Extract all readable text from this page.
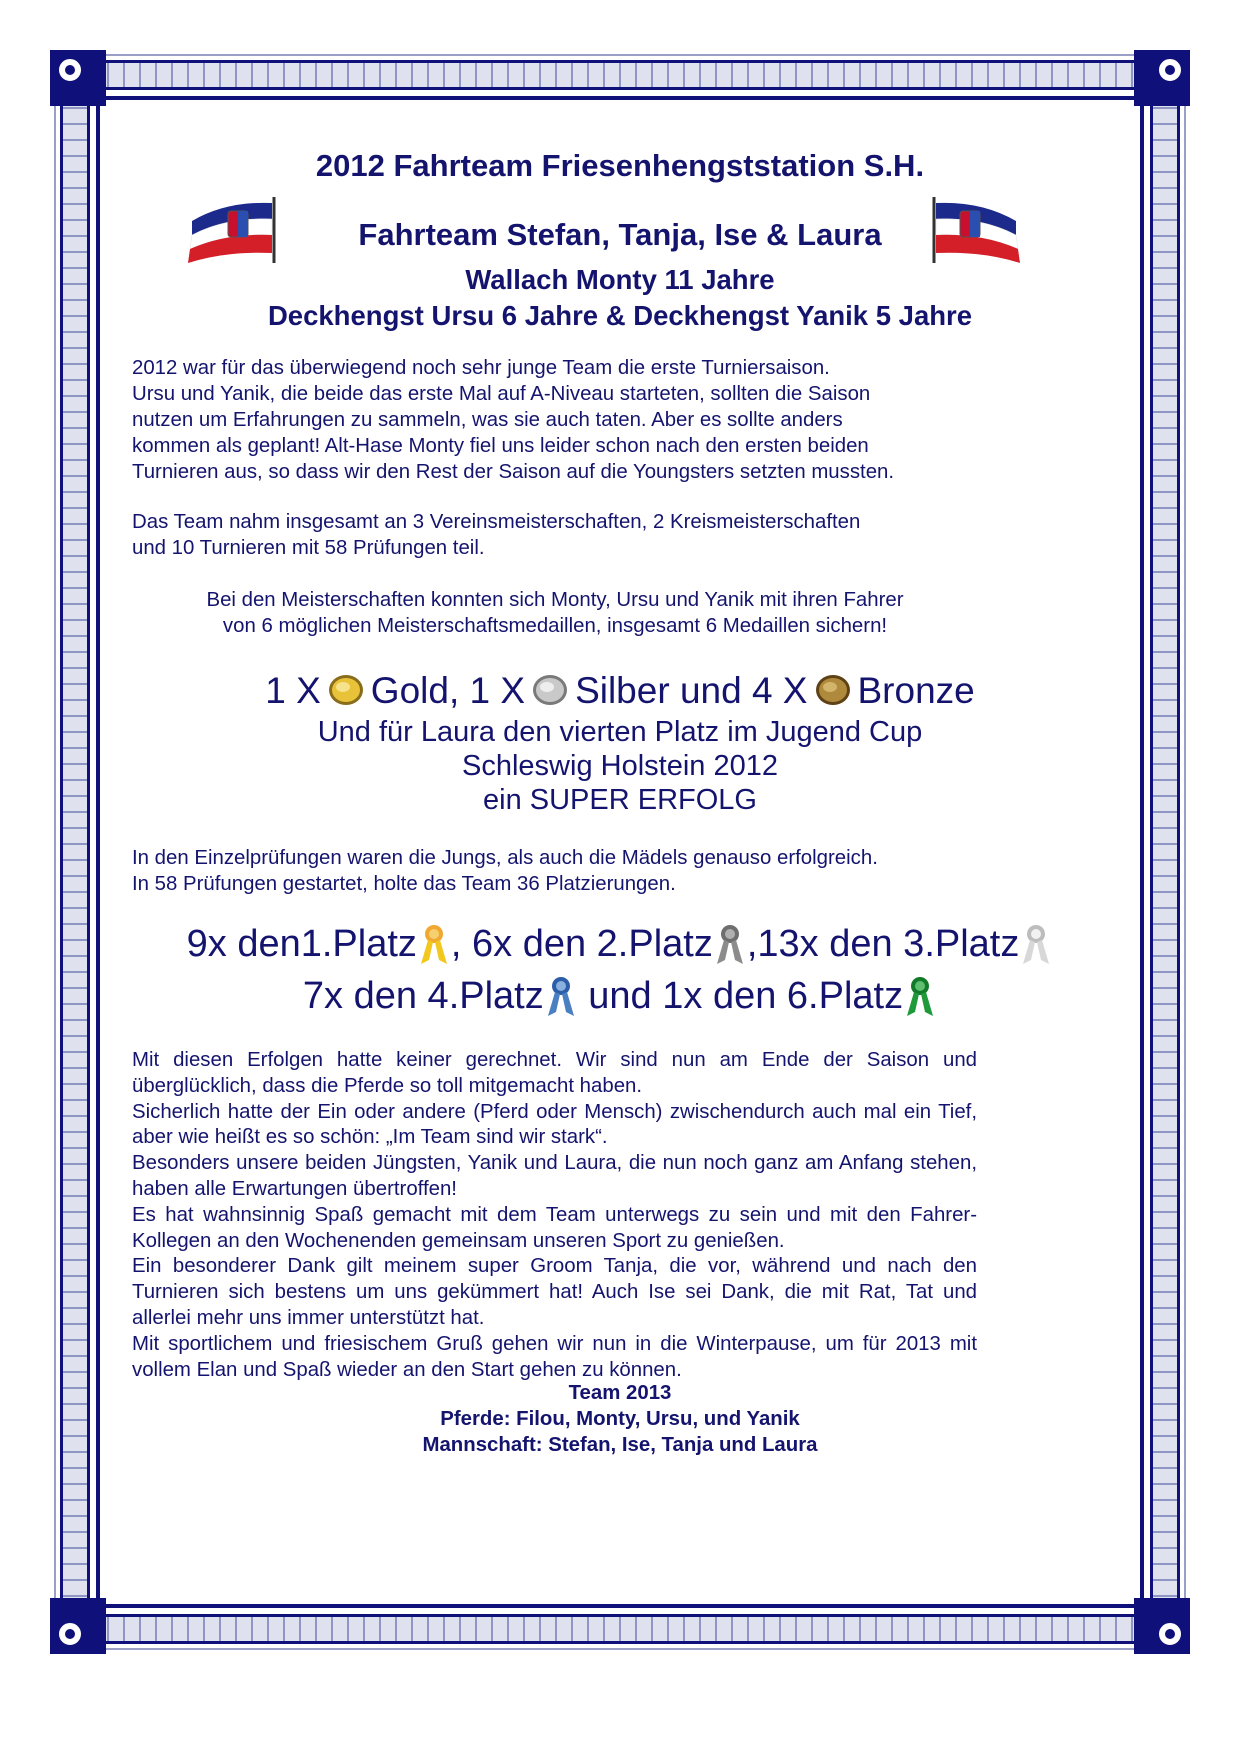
2012 Fahrteam Friesenhengststation S.H.
Fahrteam Stefan, Tanja, Ise & Laura
Wallach Monty 11 Jahre
Deckhengst Ursu 6 Jahre & Deckhengst Yanik 5 Jahre
2012 war für das überwiegend noch sehr junge Team die erste Turniersaison.
Ursu und Yanik, die beide das erste Mal auf A-Niveau starteten, sollten die Saison
nutzen um Erfahrungen zu sammeln, was sie auch taten. Aber es sollte anders
kommen als geplant! Alt-Hase Monty fiel uns leider schon nach den ersten beiden
Turnieren aus, so dass wir den Rest der Saison auf die Youngsters setzten mussten.
Das Team nahm insgesamt an 3 Vereinsmeisterschaften, 2 Kreismeisterschaften
und 10 Turnieren mit 58 Prüfungen teil.
Bei den Meisterschaften konnten sich Monty, Ursu und Yanik mit ihren Fahrer
von 6 möglichen Meisterschaftsmedaillen, insgesamt 6 Medaillen sichern!
1 X Gold, 1 X Silber und 4 X Bronze
Und für Laura den vierten Platz im Jugend Cup
Schleswig Holstein 2012
ein SUPER ERFOLG
In den Einzelprüfungen waren die Jungs, als auch die Mädels genauso erfolgreich.
In 58 Prüfungen gestartet, holte das Team 36 Platzierungen.
9x den1.Platz , 6x den 2.Platz ,13x den 3.Platz
7x den 4.Platz und 1x den 6.Platz
Mit diesen Erfolgen hatte keiner gerechnet. Wir sind nun am Ende der Saison und überglücklich, dass die Pferde so toll mitgemacht haben.
Sicherlich hatte der Ein oder andere (Pferd oder Mensch) zwischendurch auch mal ein Tief, aber wie heißt es so schön: „Im Team sind wir stark“.
Besonders unsere beiden Jüngsten, Yanik und Laura, die nun noch ganz am Anfang stehen, haben alle Erwartungen übertroffen!
Es hat wahnsinnig Spaß gemacht mit dem Team unterwegs zu sein und mit den Fahrer-Kollegen an den Wochenenden gemeinsam unseren Sport zu genießen.
Ein besonderer Dank gilt meinem super Groom Tanja, die vor, während und nach den Turnieren sich bestens um uns gekümmert hat! Auch Ise sei Dank, die mit Rat, Tat und allerlei mehr uns immer unterstützt hat.
Mit sportlichem und friesischem Gruß gehen wir nun in die Winterpause, um für 2013 mit vollem Elan und Spaß wieder an den Start gehen zu können.
Team 2013
Pferde: Filou, Monty, Ursu, und Yanik
Mannschaft: Stefan, Ise, Tanja und Laura
